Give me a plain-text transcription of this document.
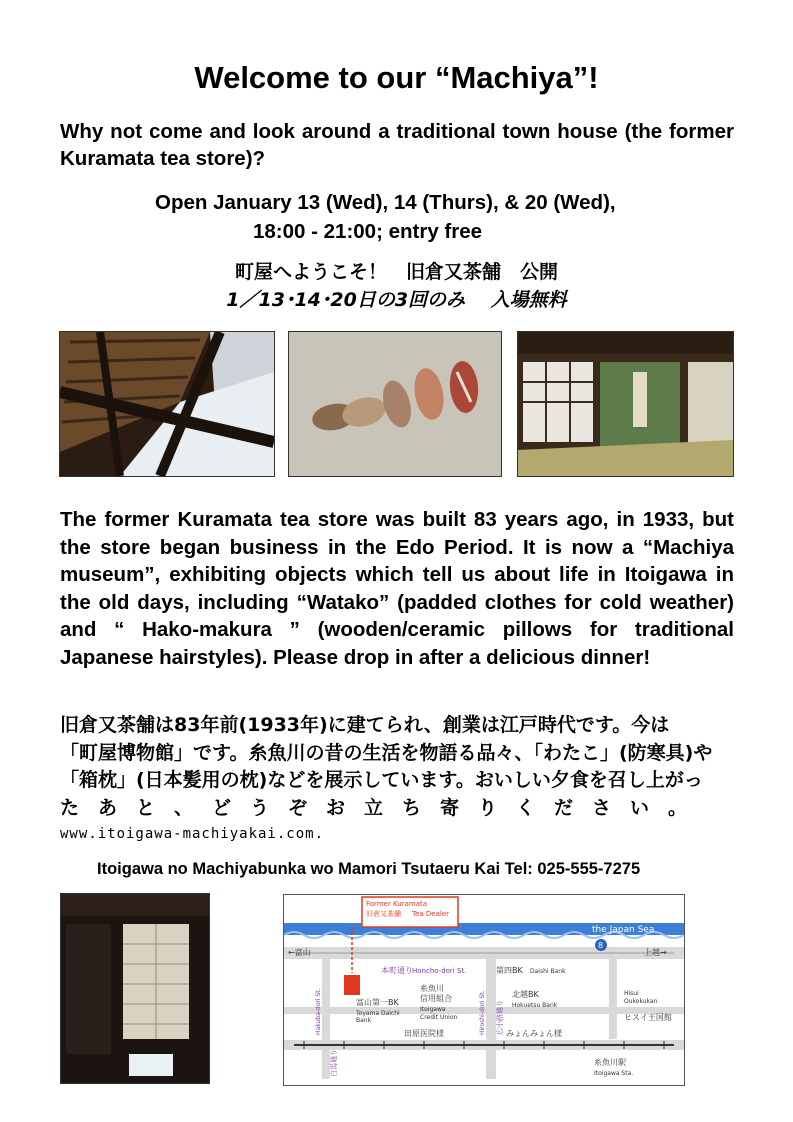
Welcome to our “Machiya”!
Why not come and look around a traditional town house (the former Kuramata tea store)?
Open January 13 (Wed), 14 (Thurs), & 20 (Wed),
18:00 - 21:00; entry free
町屋へようこそ！　旧倉又茶舗　公開
1／13･14･20日の3回のみ　 入場無料
The former Kuramata tea store was built 83 years ago, in 1933, but the store began business in the Edo Period. It is now a “Machiya museum”, exhibiting objects which tell us about life in Itoigawa in the old days, including “Watako” (padded clothes for cold weather) and “ Hako-makura ” (wooden/ceramic pillows for traditional Japanese hairstyles). Please drop in after a delicious dinner!
旧倉又茶舗は83年前(1933年)に建てられ、創業は江戸時代です。今は
「町屋博物館」です。糸魚川の昔の生活を物語る品々、「わたこ」(防寒具)や
「箱枕」(日本髪用の枕)などを展示しています。おいしい夕食を召し上がっ
たあと、どうぞお立ち寄りください。
www.itoigawa-machiyakai.com.
Itoigawa no Machiyabunka wo Mamori Tsutaeru Kai Tel: 025-555-7275
the Japan Sea
←富山	上越→
8
本町通り Honcho-dori St.
Former Kuramata
旧倉又茶舗 Tea Dealer
富山第一BK
Toyama Daichi
Bank
糸魚川
信用組合
Itoigawa
Credit Union
第四BK Daishi Bank
北越BK
Hokuetsu Bank
Hisui
Oukokukan
ヒスイ王国館
Hakuba-dori St.
白馬通り
Hiroshi-dori St. 広小路通り
田原医院様	みょんみょん様
糸魚川駅
Itoigawa Sta.
